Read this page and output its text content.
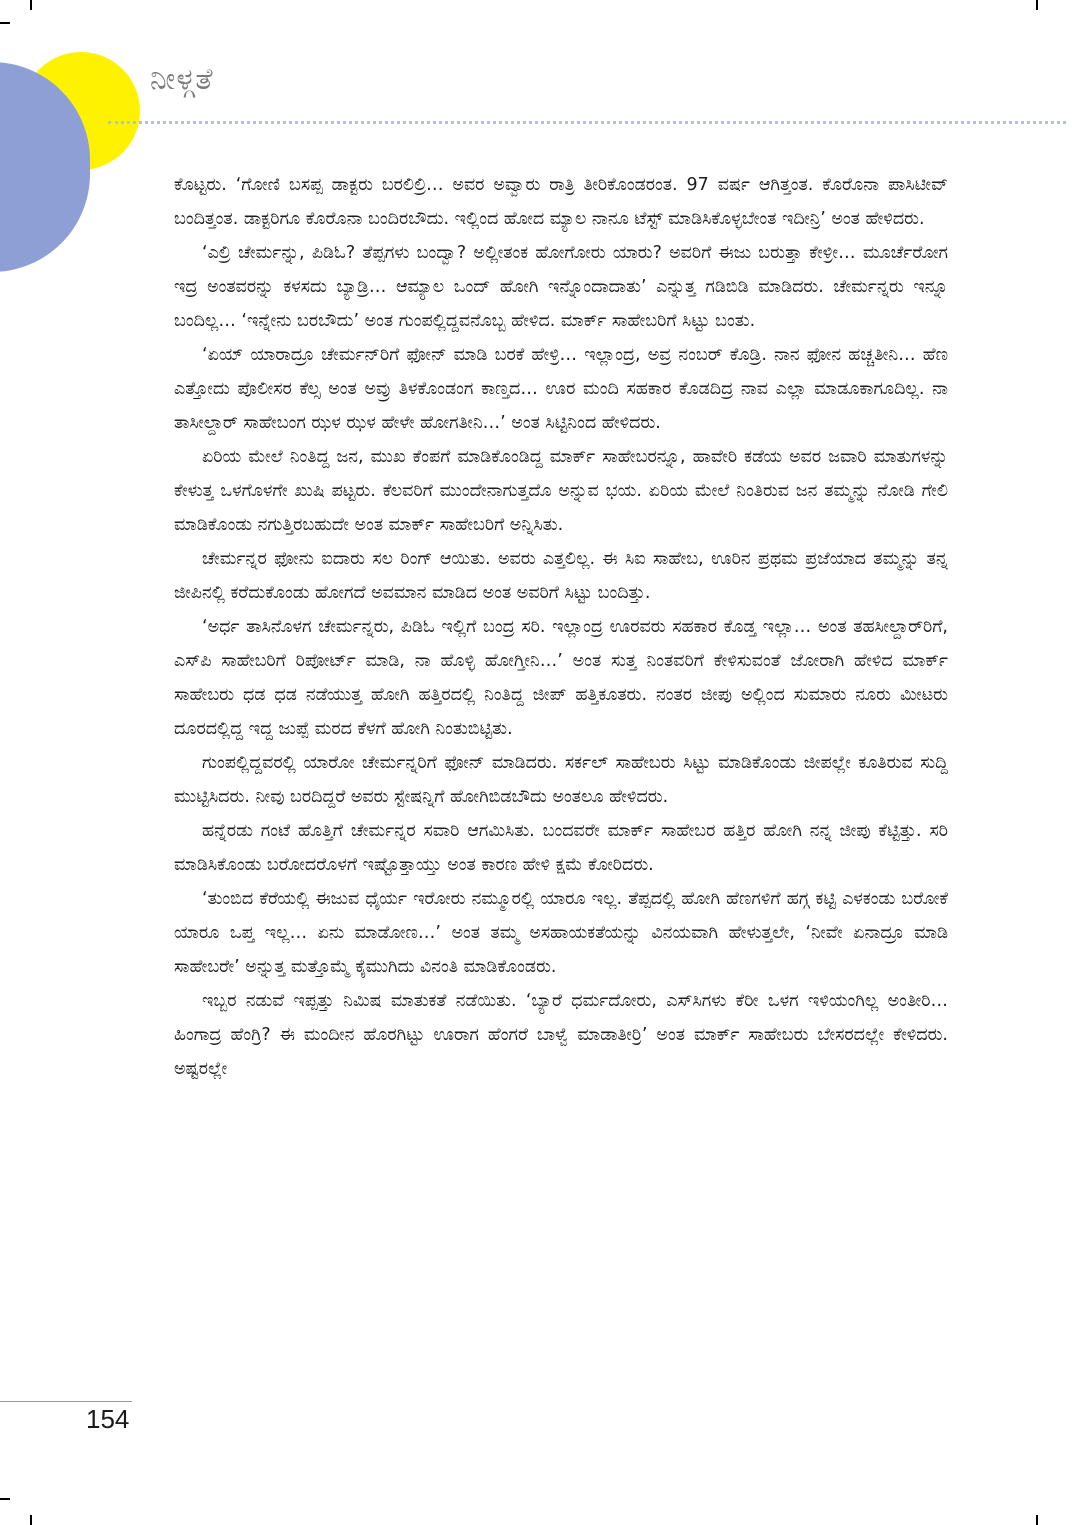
ನೀಳ್ಗತೆ

ಕೊಟ್ಟರು. ‘ಗೋಣಿ ಬಸಪ್ಪ ಡಾಕ್ಟರು ಬರಲಿಲ್ರಿ… ಅವರ ಅವ್ವಾರು ರಾತ್ರಿ ತೀರಿಕೊಂಡರಂತ. 97 ವರ್ಷ ಆಗಿತ್ತಂತ. ಕೊರೊನಾ ಪಾಸಿಟೀವ್ ಬಂದಿತ್ತಂತ. ಡಾಕ್ಟರಿಗೂ ಕೊರೊನಾ ಬಂದಿರಬೌದು. ಇಲ್ಲಿಂದ ಹೋದ ಮ್ಯಾಲ ನಾನೂ ಟೆಸ್ಟ್ ಮಾಡಿಸಿಕೊಳ್ಳಬೇಂತ ಇದೀನ್ರಿ’ ಅಂತ ಹೇಳಿದರು.

‘ಎಲ್ರಿ ಚೇರ್ಮನ್ನು, ಪಿಡಿಓ? ತೆಪ್ಪಗಳು ಬಂದ್ವಾ? ಅಲ್ಲೀತಂಕ ಹೋಗೋರು ಯಾರು? ಅವರಿಗೆ ಈಜು ಬರುತ್ತಾ ಕೇಳ್ರೀ… ಮೂರ್ಚೆರೋಗ ಇದ್ರ ಅಂತವರನ್ನು ಕಳಸದು ಬ್ಯಾಡ್ರಿ… ಆಮ್ಯಾಲ ಒಂದ್ ಹೋಗಿ ಇನ್ನೊಂದಾದಾತು’ ಎನ್ನುತ್ತ ಗಡಿಬಿಡಿ ಮಾಡಿದರು. ಚೇರ್ಮನ್ನರು ಇನ್ನೂ ಬಂದಿಲ್ಲ… ‘ಇನ್ನೇನು ಬರಬೌದು’ ಅಂತ ಗುಂಪಲ್ಲಿದ್ದವನೊಬ್ಬ ಹೇಳಿದ. ಮಾರ್ಕ್ ಸಾಹೇಬರಿಗೆ ಸಿಟ್ಟು ಬಂತು.

‘ಏಯ್ ಯಾರಾದ್ರೂ ಚೇರ್ಮನ್‌ರಿಗೆ ಫೋನ್ ಮಾಡಿ ಬರಕೆ ಹೇಳ್ರಿ… ಇಲ್ಲಾಂದ್ರ, ಅವ್ರ ನಂಬರ್ ಕೊಡ್ರಿ. ನಾನ ಫೋನ ಹಚ್ಚತೀನಿ… ಹೆಣ ಎತ್ತೋದು ಪೊಲೀಸರ ಕೆಲ್ಸ ಅಂತ ಅವ್ರು ತಿಳಕೊಂಡಂಗ ಕಾಣ್ತದ… ಊರ ಮಂದಿ ಸಹಕಾರ ಕೊಡದಿದ್ರ ನಾವ ಎಲ್ಲಾ ಮಾಡೂಕಾಗೂದಿಲ್ಲ. ನಾ ತಾಸೀಲ್ದಾರ್ ಸಾಹೇಬಂಗ ಝಳ ಝಳ ಹೇಳೇ ಹೋಗತೀನಿ…’ ಅಂತ ಸಿಟ್ಟಿನಿಂದ ಹೇಳಿದರು.

ಏರಿಯ ಮೇಲೆ ನಿಂತಿದ್ದ ಜನ, ಮುಖ ಕೆಂಪಗೆ ಮಾಡಿಕೊಂಡಿದ್ದ ಮಾರ್ಕ್ ಸಾಹೇಬರನ್ನೂ, ಹಾವೇರಿ ಕಡೆಯ ಅವರ ಜವಾರಿ ಮಾತುಗಳನ್ನು ಕೇಳುತ್ತ ಒಳಗೊಳಗೇ ಖುಷಿ ಪಟ್ಟರು. ಕೆಲವರಿಗೆ ಮುಂದೇನಾಗುತ್ತದೊ ಅನ್ನುವ ಭಯ. ಏರಿಯ ಮೇಲೆ ನಿಂತಿರುವ ಜನ ತಮ್ಮನ್ನು ನೋಡಿ ಗೇಲಿ ಮಾಡಿಕೊಂಡು ನಗುತ್ತಿರಬಹುದೇ ಅಂತ ಮಾರ್ಕ್ ಸಾಹೇಬರಿಗೆ ಅನ್ನಿಸಿತು.

ಚೇರ್ಮನ್ನರ ಫೋನು ಐದಾರು ಸಲ ರಿಂಗ್ ಆಯಿತು. ಅವರು ಎತ್ತಲಿಲ್ಲ. ಈ ಸಿಐ ಸಾಹೇಬ, ಊರಿನ ಪ್ರಥಮ ಪ್ರಜೆಯಾದ ತಮ್ಮನ್ನು ತನ್ನ ಜೀಪಿನಲ್ಲಿ ಕರೆದುಕೊಂಡು ಹೋಗದೆ ಅವಮಾನ ಮಾಡಿದ ಅಂತ ಅವರಿಗೆ ಸಿಟ್ಟು ಬಂದಿತ್ತು.

‘ಅರ್ಧ ತಾಸಿನೊಳಗ ಚೇರ್ಮನ್ನರು, ಪಿಡಿಓ ಇಲ್ಲಿಗೆ ಬಂದ್ರ ಸರಿ. ಇಲ್ಲಾಂದ್ರ ಊರವರು ಸಹಕಾರ ಕೊಡ್ತ ಇಲ್ಲಾ… ಅಂತ ತಹಸೀಲ್ದಾರ್‌ರಿಗೆ, ಎಸ್‌ಪಿ ಸಾಹೇಬರಿಗೆ ರಿಪೋರ್ಟ್ ಮಾಡಿ, ನಾ ಹೊಳ್ಳಿ ಹೋಗ್ತೀನಿ…’ ಅಂತ ಸುತ್ತ ನಿಂತವರಿಗೆ ಕೇಳಿಸುವಂತೆ ಜೋರಾಗಿ ಹೇಳಿದ ಮಾರ್ಕ್ ಸಾಹೇಬರು ಧಡ ಧಡ ನಡೆಯುತ್ತ ಹೋಗಿ ಹತ್ತಿರದಲ್ಲಿ ನಿಂತಿದ್ದ ಜೀಪ್ ಹತ್ತಿಕೂತರು. ನಂತರ ಜೀಪು ಅಲ್ಲಿಂದ ಸುಮಾರು ನೂರು ಮೀಟರು ದೂರದಲ್ಲಿದ್ದ ಇದ್ದ ಜುಪ್ಪೆ ಮರದ ಕೆಳಗೆ ಹೋಗಿ ನಿಂತುಬಿಟ್ಟಿತು.

ಗುಂಪಲ್ಲಿದ್ದವರಲ್ಲಿ ಯಾರೋ ಚೇರ್ಮನ್ನರಿಗೆ ಫೋನ್ ಮಾಡಿದರು. ಸರ್ಕಲ್ ಸಾಹೇಬರು ಸಿಟ್ಟು ಮಾಡಿಕೊಂಡು ಜೀಪಲ್ಲೇ ಕೂತಿರುವ ಸುದ್ದಿ ಮುಟ್ಟಿಸಿದರು. ನೀವು ಬರದಿದ್ದರೆ ಅವರು ಸ್ಟೇಷನ್ನಿಗೆ ಹೋಗಿಬಿಡಬೌದು ಅಂತಲೂ ಹೇಳಿದರು.

ಹನ್ನೆರಡು ಗಂಟೆ ಹೊತ್ತಿಗೆ ಚೇರ್ಮನ್ನರ ಸವಾರಿ ಆಗಮಿಸಿತು. ಬಂದವರೇ ಮಾರ್ಕ್ ಸಾಹೇಬರ ಹತ್ತಿರ ಹೋಗಿ ನನ್ನ ಜೀಪು ಕೆಟ್ಟಿತ್ತು. ಸರಿ ಮಾಡಿಸಿಕೊಂಡು ಬರೋದರೊಳಗೆ ಇಷ್ಟೊತ್ತಾಯ್ತು ಅಂತ ಕಾರಣ ಹೇಳಿ ಕ್ಷಮೆ ಕೋರಿದರು.

‘ತುಂಬಿದ ಕೆರೆಯಲ್ಲಿ ಈಜುವ ಧೈರ್ಯ ಇರೋರು ನಮ್ಮೂರಲ್ಲಿ ಯಾರೂ ಇಲ್ಲ. ತೆಪ್ಪದಲ್ಲಿ ಹೋಗಿ ಹೆಣಗಳಿಗೆ ಹಗ್ಗ ಕಟ್ಟಿ ಎಳಕಂಡು ಬರೋಕೆ ಯಾರೂ ಒಪ್ತ ಇಲ್ಲ… ಏನು ಮಾಡೋಣ…’ ಅಂತ ತಮ್ಮ ಅಸಹಾಯಕತೆಯನ್ನು ವಿನಯವಾಗಿ ಹೇಳುತ್ತಲೇ, ‘ನೀವೇ ಏನಾದ್ರೂ ಮಾಡಿ ಸಾಹೇಬರೇ’ ಅನ್ನುತ್ತ ಮತ್ತೊಮ್ಮೆ ಕೈಮುಗಿದು ವಿನಂತಿ ಮಾಡಿಕೊಂಡರು.

ಇಬ್ಬರ ನಡುವೆ ಇಪ್ಪತ್ತು ನಿಮಿಷ ಮಾತುಕತೆ ನಡೆಯಿತು. ‘ಬ್ಯಾರೆ ಧರ್ಮದೋರು, ಎಸ್‌ಸಿಗಳು ಕೆರೀ ಒಳಗ ಇಳಿಯಂಗಿಲ್ಲ ಅಂತೀರಿ… ಹಿಂಗಾದ್ರ ಹೆಂಗ್ರಿ? ಈ ಮಂದೀನ ಹೊರಗಿಟ್ಟು ಊರಾಗ ಹೆಂಗರೆ ಬಾಳ್ವೆ ಮಾಡಾತೀರ್ರಿ’ ಅಂತ ಮಾರ್ಕ್ ಸಾಹೇಬರು ಬೇಸರದಲ್ಲೇ ಕೇಳಿದರು. ಅಷ್ಟರಲ್ಲೇ

154
